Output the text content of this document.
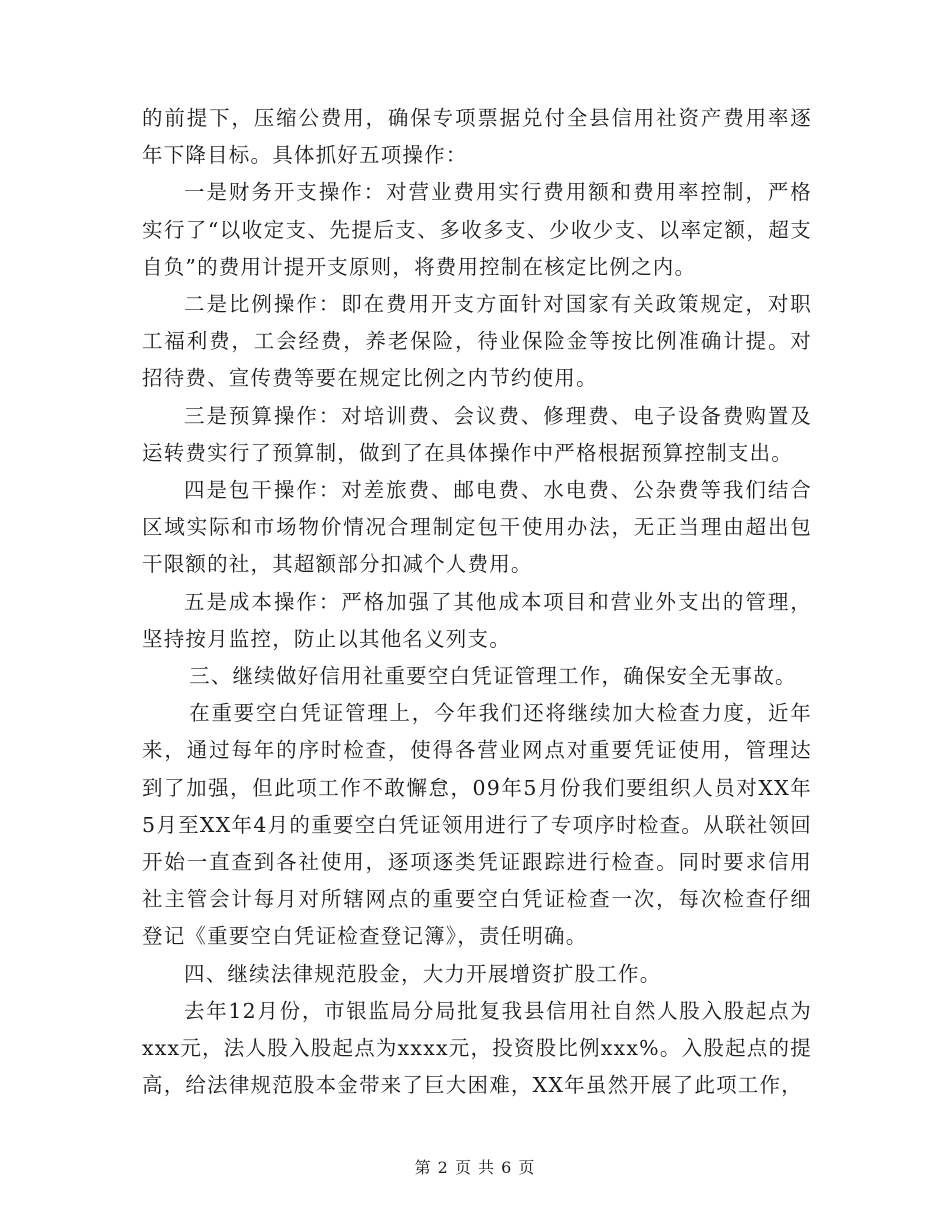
的前提下，压缩公费用，确保专项票据兑付全县信用社资产费用率逐年下降目标。具体抓好五项操作：

一是财务开支操作：对营业费用实行费用额和费用率控制，严格实行了“以收定支、先提后支、多收多支、少收少支、以率定额，超支自负”的费用计提开支原则，将费用控制在核定比例之内。

二是比例操作：即在费用开支方面针对国家有关政策规定，对职工福利费，工会经费，养老保险，待业保险金等按比例准确计提。对招待费、宣传费等要在规定比例之内节约使用。

三是预算操作：对培训费、会议费、修理费、电子设备费购置及运转费实行了预算制，做到了在具体操作中严格根据预算控制支出。

四是包干操作：对差旅费、邮电费、水电费、公杂费等我们结合区域实际和市场物价情况合理制定包干使用办法，无正当理由超出包干限额的社，其超额部分扣减个人费用。

五是成本操作：严格加强了其他成本项目和营业外支出的管理，坚持按月监控，防止以其他名义列支。

三、继续做好信用社重要空白凭证管理工作，确保安全无事故。

在重要空白凭证管理上，今年我们还将继续加大检查力度，近年来，通过每年的序时检查，使得各营业网点对重要凭证使用，管理达到了加强，但此项工作不敢懈怠，09年5月份我们要组织人员对XX年5月至XX年4月的重要空白凭证领用进行了专项序时检查。从联社领回开始一直查到各社使用，逐项逐类凭证跟踪进行检查。同时要求信用社主管会计每月对所辖网点的重要空白凭证检查一次，每次检查仔细登记《重要空白凭证检查登记簿》，责任明确。

四、继续法律规范股金，大力开展增资扩股工作。

去年12月份，市银监局分局批复我县信用社自然人股入股起点为xxx元，法人股入股起点为xxxx元，投资股比例xxx%。入股起点的提高，给法律规范股本金带来了巨大困难，XX年虽然开展了此项工作，

第 2 页 共 6 页
